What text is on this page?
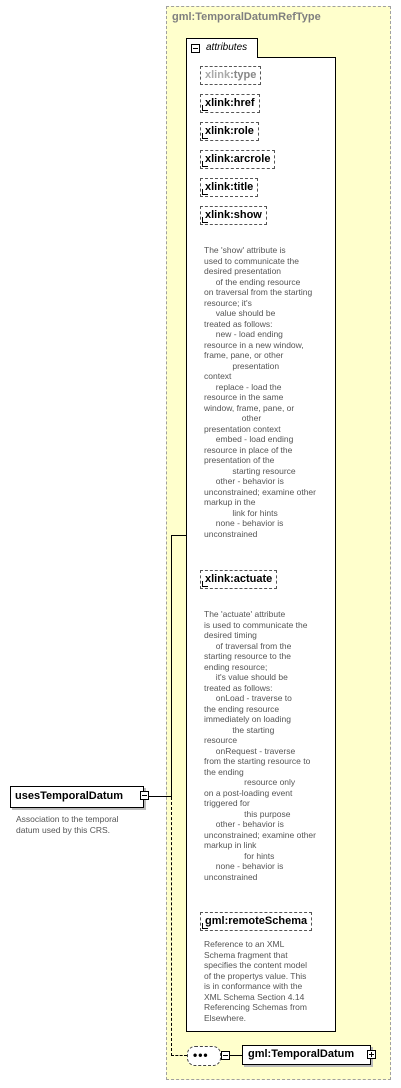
gml:TemporalDatumRefType
attributes
xlink:type
xlink:href
xlink:role
xlink:arcrole
xlink:title
xlink:show
The 'show' attribute is
used to communicate the
desired presentation
of the ending resource
on traversal from the starting
resource; it's
value should be
treated as follows:
new - load ending
resource in a new window,
frame, pane, or other
presentation
context
replace - load the
resource in the same
window, frame, pane, or
other
presentation context
embed - load ending
resource in place of the
presentation of the
starting resource
other - behavior is
unconstrained; examine other
markup in the
link for hints
none - behavior is
unconstrained
xlink:actuate
The 'actuate' attribute
is used to communicate the
desired timing
of traversal from the
starting resource to the
ending resource;
it's value should be
treated as follows:
onLoad - traverse to
the ending resource
immediately on loading
the starting
resource
onRequest - traverse
from the starting resource to
the ending
resource only
on a post-loading event
triggered for
this purpose
other - behavior is
unconstrained; examine other
markup in link
for hints
none - behavior is
unconstrained
gml:remoteSchema
Reference to an XML
Schema fragment that
specifies the content model
of the propertys value. This
is in conformance with the
XML Schema Section 4.14
Referencing Schemas from
Elsewhere.
usesTemporalDatum
Association to the temporal
datum used by this CRS.
•••	gml:TemporalDatum
